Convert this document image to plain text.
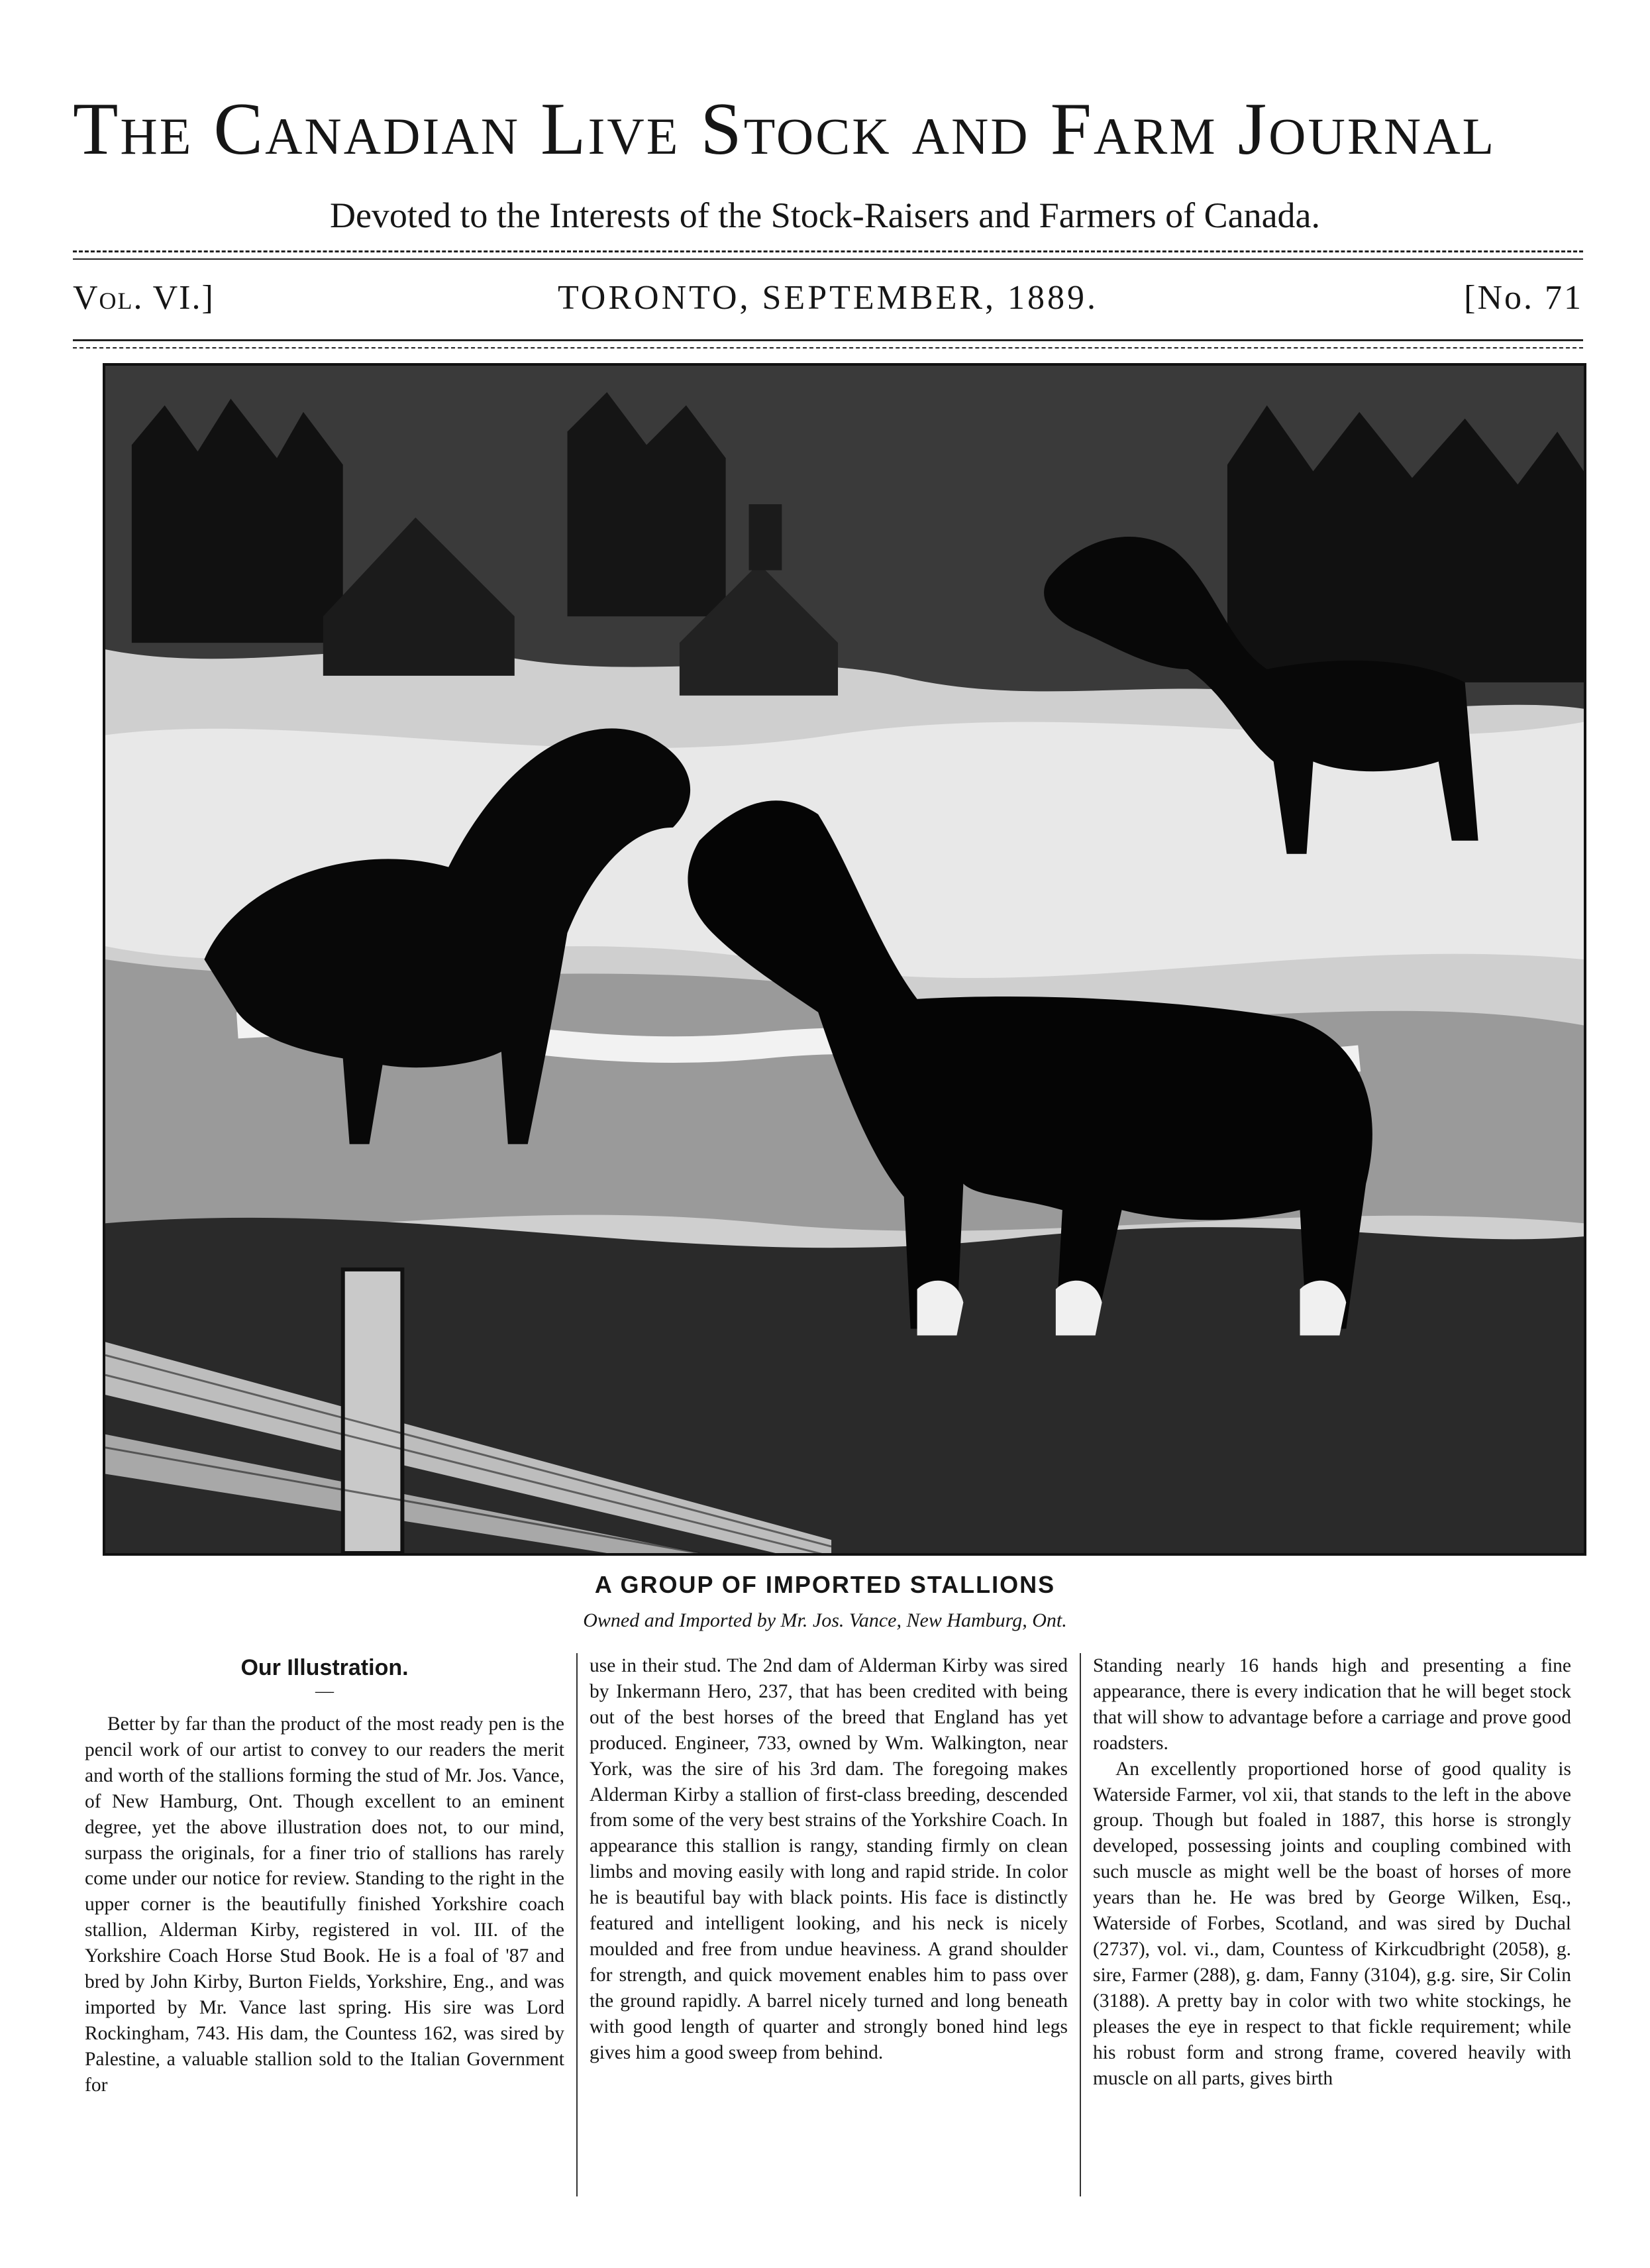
The Canadian Live Stock and Farm Journal

Devoted to the Interests of the Stock-Raisers and Farmers of Canada.

TORONTO, SEPTEMBER, 1889.
Vol. VI.]	[No. 71

A GROUP OF IMPORTED STALLIONS

Owned and Imported by Mr. Jos. Vance, New Hamburg, Ont.

Our Illustration.
—

Better by far than the product of the most ready pen is the pencil work of our artist to convey to our readers the merit and worth of the stallions forming the stud of Mr. Jos. Vance, of New Hamburg, Ont. Though excellent to an eminent degree, yet the above illustration does not, to our mind, surpass the originals, for a finer trio of stallions has rarely come under our notice for review. Standing to the right in the upper corner is the beautifully finished Yorkshire coach stallion, Alderman Kirby, registered in vol. III. of the Yorkshire Coach Horse Stud Book. He is a foal of '87 and bred by John Kirby, Burton Fields, Yorkshire, Eng., and was imported by Mr. Vance last spring. His sire was Lord Rockingham, 743. His dam, the Countess 162, was sired by Palestine, a valuable stallion sold to the Italian Government for

use in their stud. The 2nd dam of Alderman Kirby was sired by Inkermann Hero, 237, that has been credited with being out of the best horses of the breed that England has yet produced. Engineer, 733, owned by Wm. Walkington, near York, was the sire of his 3rd dam. The foregoing makes Alderman Kirby a stallion of first-class breeding, descended from some of the very best strains of the Yorkshire Coach. In appearance this stallion is rangy, standing firmly on clean limbs and moving easily with long and rapid stride. In color he is beautiful bay with black points. His face is distinctly featured and intelligent looking, and his neck is nicely moulded and free from undue heaviness. A grand shoulder for strength, and quick movement enables him to pass over the ground rapidly. A barrel nicely turned and long beneath with good length of quarter and strongly boned hind legs gives him a good sweep from behind.

Standing nearly 16 hands high and presenting a fine appearance, there is every indication that he will beget stock that will show to advantage before a carriage and prove good roadsters.

An excellently proportioned horse of good quality is Waterside Farmer, vol xii, that stands to the left in the above group. Though but foaled in 1887, this horse is strongly developed, possessing joints and coupling combined with such muscle as might well be the boast of horses of more years than he. He was bred by George Wilken, Esq., Waterside of Forbes, Scotland, and was sired by Duchal (2737), vol. vi., dam, Countess of Kirkcudbright (2058), g. sire, Farmer (288), g. dam, Fanny (3104), g.g. sire, Sir Colin (3188). A pretty bay in color with two white stockings, he pleases the eye in respect to that fickle requirement; while his robust form and strong frame, covered heavily with muscle on all parts, gives birth
